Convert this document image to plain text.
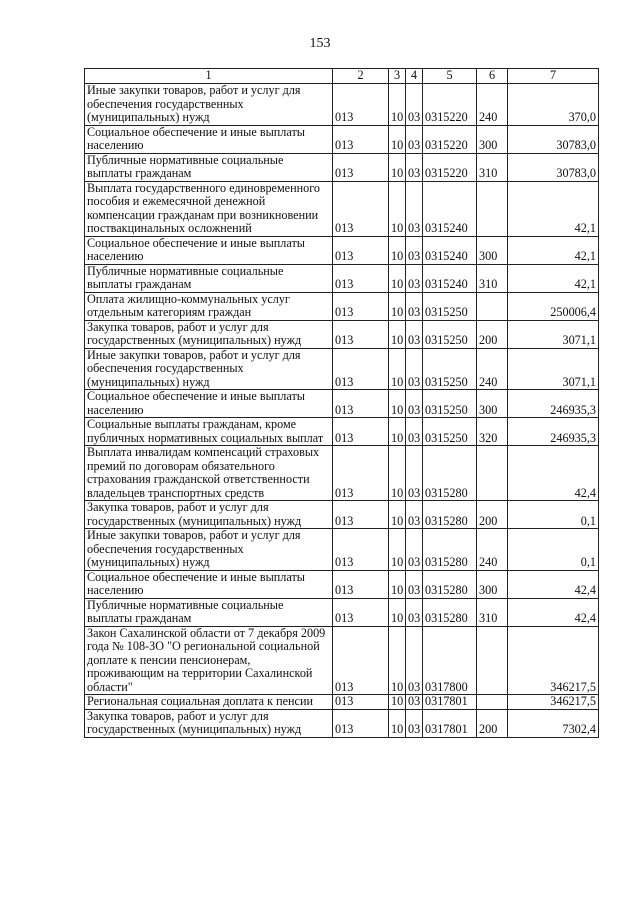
153
1	2	3	4	5	6	7
Иные закупки товаров, работ и услуг для обеспечения государственных (муниципальных) нужд	013	10	03	0315220	240	370,0
Социальное обеспечение и иные выплаты населению	013	10	03	0315220	300	30783,0
Публичные нормативные социальные выплаты гражданам	013	10	03	0315220	310	30783,0
Выплата государственного единовременного пособия и ежемесячной денежной компенсации гражданам при возникновении поствакцинальных осложнений	013	10	03	0315240		42,1
Социальное обеспечение и иные выплаты населению	013	10	03	0315240	300	42,1
Публичные нормативные социальные выплаты гражданам	013	10	03	0315240	310	42,1
Оплата жилищно-коммунальных услуг отдельным категориям граждан	013	10	03	0315250		250006,4
Закупка товаров, работ и услуг для государственных (муниципальных) нужд	013	10	03	0315250	200	3071,1
Иные закупки товаров, работ и услуг для обеспечения государственных (муниципальных) нужд	013	10	03	0315250	240	3071,1
Социальное обеспечение и иные выплаты населению	013	10	03	0315250	300	246935,3
Социальные выплаты гражданам, кроме публичных нормативных социальных выплат	013	10	03	0315250	320	246935,3
Выплата инвалидам компенсаций страховых премий по договорам обязательного страхования гражданской ответственности владельцев транспортных средств	013	10	03	0315280		42,4
Закупка товаров, работ и услуг для государственных (муниципальных) нужд	013	10	03	0315280	200	0,1
Иные закупки товаров, работ и услуг для обеспечения государственных (муниципальных) нужд	013	10	03	0315280	240	0,1
Социальное обеспечение и иные выплаты населению	013	10	03	0315280	300	42,4
Публичные нормативные социальные выплаты гражданам	013	10	03	0315280	310	42,4
Закон Сахалинской области от 7 декабря 2009 года № 108-ЗО "О региональной социальной доплате к пенсии пенсионерам, проживающим на территории Сахалинской области"	013	10	03	0317800		346217,5
Региональная социальная доплата к пенсии	013	10	03	0317801		346217,5
Закупка товаров, работ и услуг для государственных (муниципальных) нужд	013	10	03	0317801	200	7302,4
